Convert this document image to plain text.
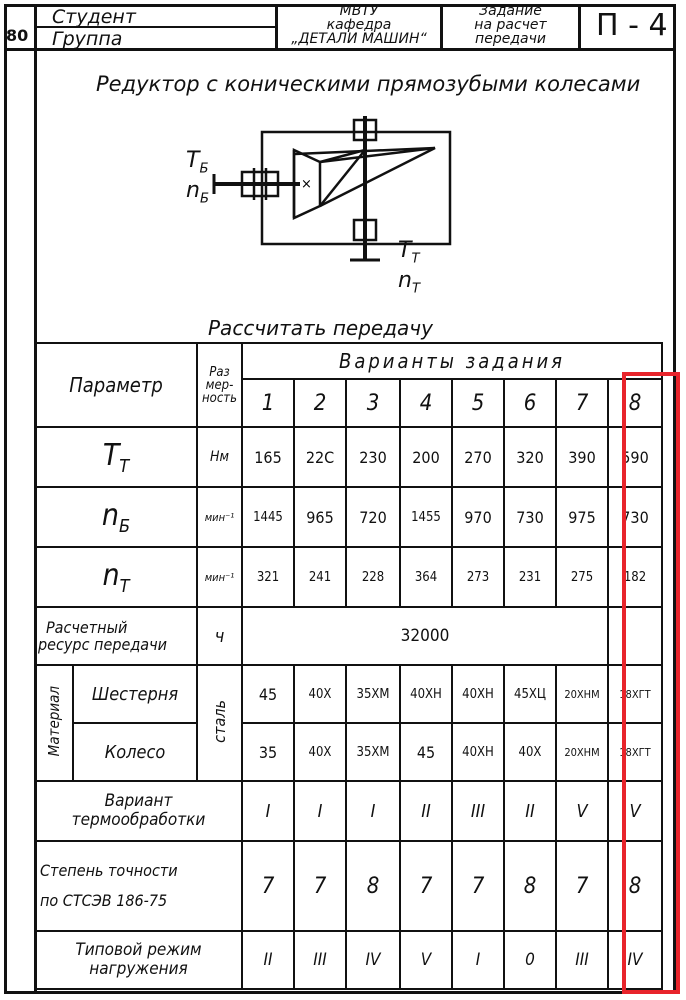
80
Студент
Группа
МВТУ
кафедра
„ДЕТАЛИ МАШИН“
Задание
на расчет
передачи	П - 4
Редуктор с коническими прямозубыми колесами
×
$T_Б$
$n_Б$
$T_Т$
$n_Т$
Рассчитать передачу
Параметр		Раз
мер-
ность	Варианты задания							
			1	2	3	4	5	6	7	8
$T_Т$		Нм	165	22C	230	200	270	320	390	590
$n_Б$		мин⁻¹	1445	965	720	1455	970	730	975	730
$n_Т$		мин⁻¹	321	241	228	364	273	231	275	182

Расчетный
ресурс передачи		ч	32000							
Материал	Шестерня	сталь	45	40X	35XM	40XH	40XH	45XЦ	20XHM	18XГТ
	Колесо		35	40X	35XM	45	40XH	40X	20XHM	18XГТ

Вариант
термообработки			I	I	I	II	III	II	V	V

Степень точности
по СТСЭВ 186-75			7	7	8	7	7	8	7	8

Типовой режим
нагружения			II	III	IV	V	I	0	III	IV
